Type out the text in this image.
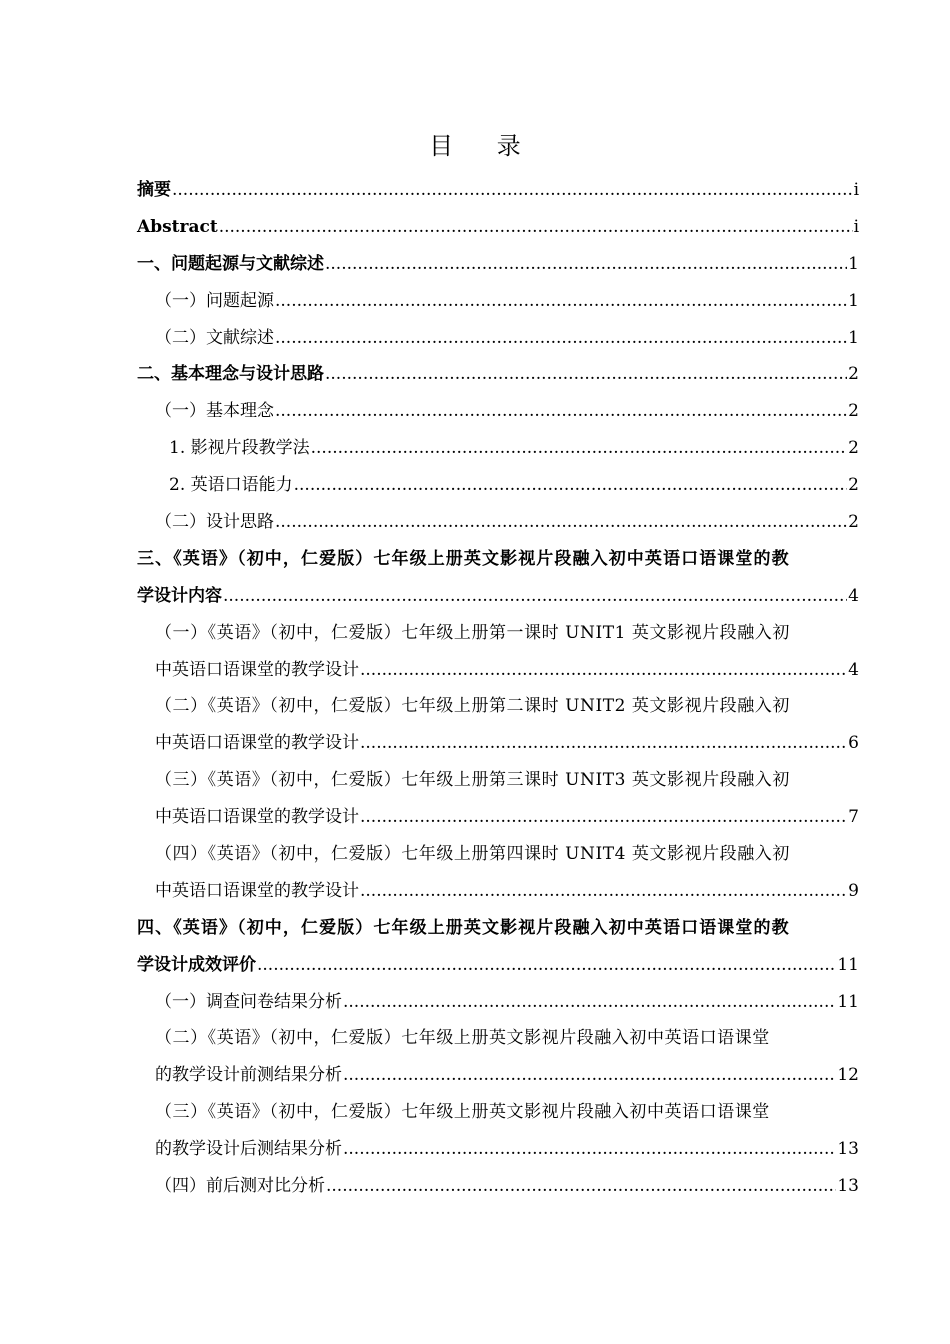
目 录
摘要 .....	i
Abstract .....	i
一、问题起源与文献综述 .....	1
（一）问题起源 .....	1
（二）文献综述 .....	1
二、基本理念与设计思路 .....	2
（一）基本理念 .....	2
1. 影视片段教学法 .....	2
2. 英语口语能力 .....	2
（二）设计思路 .....	2
三、《英语》（初中，仁爱版）七年级上册英文影视片段融入初中英语口语课堂的教
学设计内容 .....	4
（一）《英语》（初中，仁爱版）七年级上册第一课时 UNIT1 英文影视片段融入初
中英语口语课堂的教学设计 .....	4
（二）《英语》（初中，仁爱版）七年级上册第二课时 UNIT2 英文影视片段融入初
中英语口语课堂的教学设计 .....	6
（三）《英语》（初中，仁爱版）七年级上册第三课时 UNIT3 英文影视片段融入初
中英语口语课堂的教学设计 .....	7
（四）《英语》（初中，仁爱版）七年级上册第四课时 UNIT4 英文影视片段融入初
中英语口语课堂的教学设计 .....	9
四、《英语》（初中，仁爱版）七年级上册英文影视片段融入初中英语口语课堂的教
学设计成效评价 .....	11
（一）调查问卷结果分析 .....	11
（二）《英语》（初中，仁爱版）七年级上册英文影视片段融入初中英语口语课堂
的教学设计前测结果分析 .....	12
（三）《英语》（初中，仁爱版）七年级上册英文影视片段融入初中英语口语课堂
的教学设计后测结果分析 .....	13
（四）前后测对比分析 .....	13
